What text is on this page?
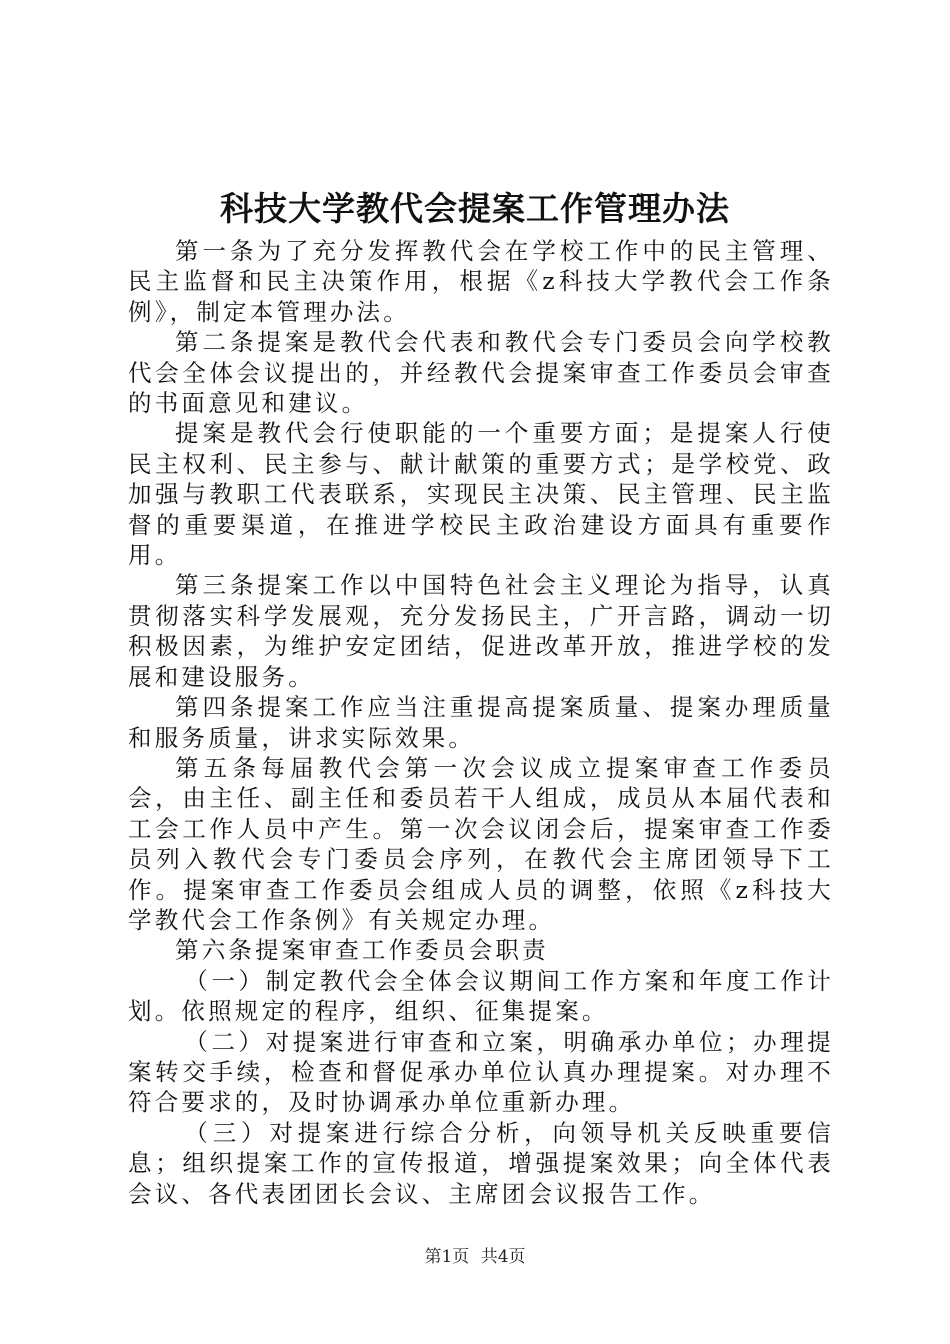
科技大学教代会提案工作管理办法

第一条为了充分发挥教代会在学校工作中的民主管理、民主监督和民主决策作用，根据《z科技大学教代会工作条例》，制定本管理办法。

第二条提案是教代会代表和教代会专门委员会向学校教代会全体会议提出的，并经教代会提案审查工作委员会审查的书面意见和建议。

提案是教代会行使职能的一个重要方面；是提案人行使民主权利、民主参与、献计献策的重要方式；是学校党、政加强与教职工代表联系，实现民主决策、民主管理、民主监督的重要渠道，在推进学校民主政治建设方面具有重要作用。

第三条提案工作以中国特色社会主义理论为指导，认真贯彻落实科学发展观，充分发扬民主，广开言路，调动一切积极因素，为维护安定团结，促进改革开放，推进学校的发展和建设服务。

第四条提案工作应当注重提高提案质量、提案办理质量和服务质量，讲求实际效果。

第五条每届教代会第一次会议成立提案审查工作委员会，由主任、副主任和委员若干人组成，成员从本届代表和工会工作人员中产生。第一次会议闭会后，提案审查工作委员列入教代会专门委员会序列，在教代会主席团领导下工作。提案审查工作委员会组成人员的调整，依照《z科技大学教代会工作条例》有关规定办理。

第六条提案审查工作委员会职责

（一）制定教代会全体会议期间工作方案和年度工作计划。依照规定的程序，组织、征集提案。

（二）对提案进行审查和立案，明确承办单位；办理提案转交手续，检查和督促承办单位认真办理提案。对办理不符合要求的，及时协调承办单位重新办理。

（三）对提案进行综合分析，向领导机关反映重要信息；组织提案工作的宣传报道，增强提案效果；向全体代表会议、各代表团团长会议、主席团会议报告工作。

第1页 共4页
